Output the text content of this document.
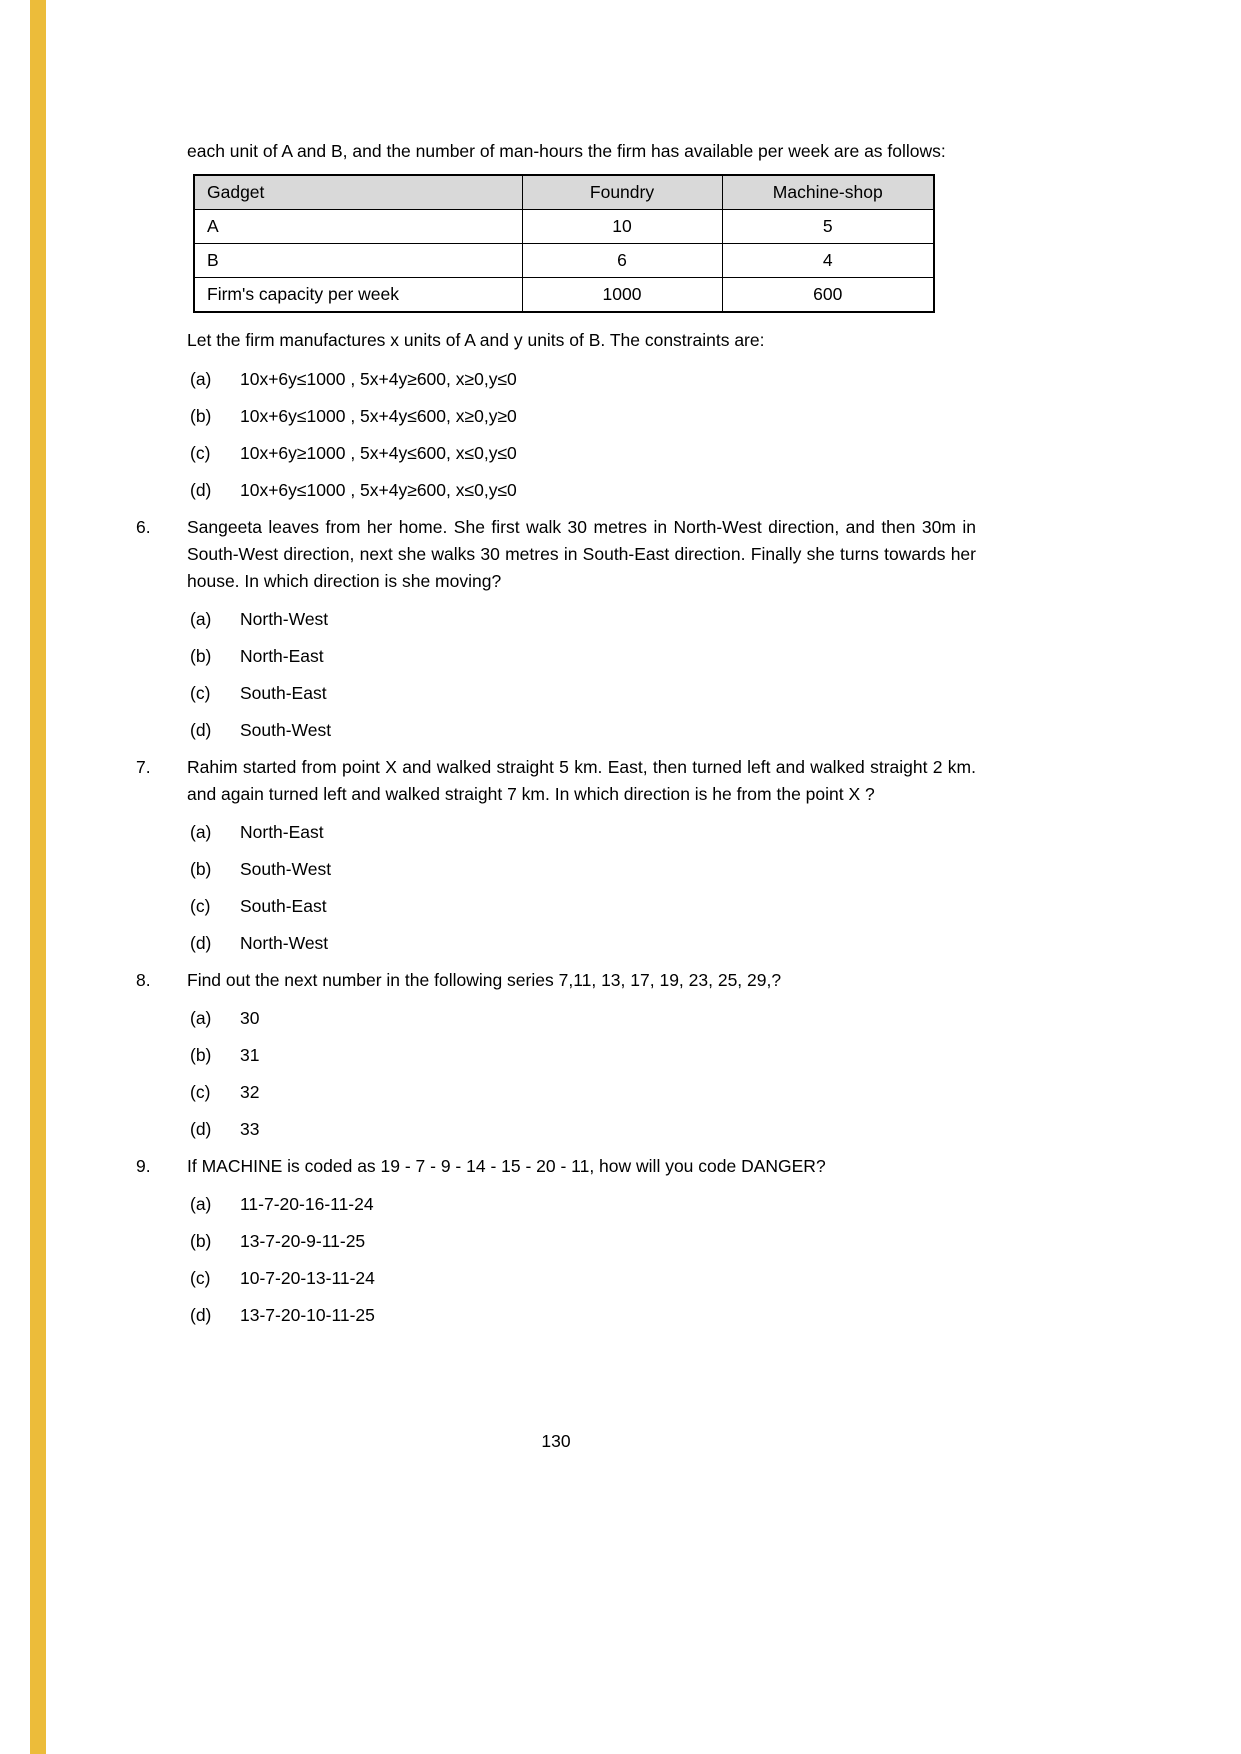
each unit of A and B, and the number of man-hours the firm has available per week are as follows:

Gadget	Foundry	Machine-shop
A	10	5
B	6	4
Firm's capacity per week	1000	600

Let the firm manufactures x units of A and y units of B. The constraints are:

(a)	10x+6y≤1000 , 5x+4y≥600, x≥0,y≤0
(b)	10x+6y≤1000 , 5x+4y≤600, x≥0,y≥0
(c)	10x+6y≥1000 , 5x+4y≤600, x≤0,y≤0
(d)	10x+6y≤1000 , 5x+4y≥600, x≤0,y≤0
6.	Sangeeta leaves from her home. She first walk 30 metres in North-West direction, and then 30m in South-West direction, next she walks 30 metres in South-East direction. Finally she turns towards her house. In which direction is she moving?

(a)	North-West
(b)	North-East
(c)	South-East
(d)	South-West
7.	Rahim started from point X and walked straight 5 km. East, then turned left and walked straight 2 km. and again turned left and walked straight 7 km. In which direction is he from the point X ?

(a)	North-East
(b)	South-West
(c)	South-East
(d)	North-West
8.	Find out the next number in the following series 7,11, 13, 17, 19, 23, 25, 29,?

(a)	30
(b)	31
(c)	32
(d)	33
9.	If MACHINE is coded as 19 - 7 - 9 - 14 - 15 - 20 - 11, how will you code DANGER?

(a)	11-7-20-16-11-24
(b)	13-7-20-9-11-25
(c)	10-7-20-13-11-24
(d)	13-7-20-10-11-25
130
